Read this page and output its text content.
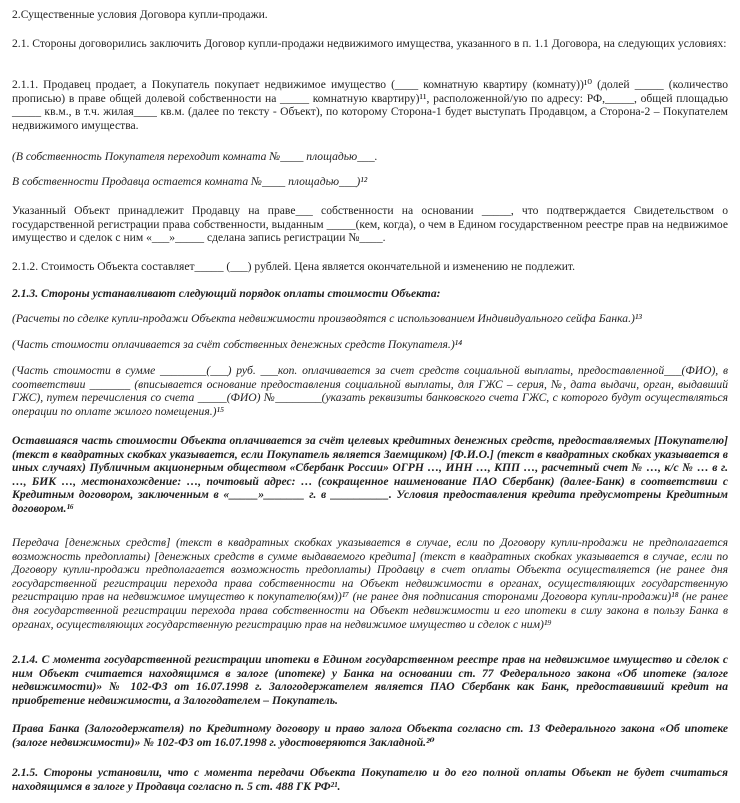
2.Существенные условия Договора купли-продажи.

2.1. Стороны договорились заключить Договор купли-продажи недвижимого имущества, указанного в п. 1.1 Договора, на следующих условиях:

2.1.1. Продавец продает, а Покупатель покупает недвижимое имущество (____ комнатную квартиру (комнату))¹⁰ (долей _____ (количество прописью) в праве общей долевой собственности на _____ комнатную квартиру)¹¹, расположенной/ую по адресу: РФ,_____, общей площадью _____ кв.м., в т.ч. жилая____ кв.м. (далее по тексту - Объект), по которому Сторона-1 будет выступать Продавцом, а Сторона-2 – Покупателем недвижимого имущества.

(В собственность Покупателя переходит комната №____ площадью___.

В собственности Продавца остается комната №____ площадью___)¹²

Указанный Объект принадлежит Продавцу на праве___ собственности на основании _____, что подтверждается Свидетельством о государственной регистрации права собственности, выданным _____(кем, когда), о чем в Едином государственном реестре прав на недвижимое имущество и сделок с ним «___»_____ сделана запись регистрации №____.

2.1.2. Стоимость Объекта составляет_____ (___) рублей. Цена является окончательной и изменению не подлежит.

2.1.3. Стороны устанавливают следующий порядок оплаты стоимости Объекта:

(Расчеты по сделке купли-продажи Объекта недвижимости производятся с использованием Индивидуального сейфа Банка.)¹³

(Часть стоимости оплачивается за счёт собственных денежных средств Покупателя.)¹⁴

(Часть стоимости в сумме ________(___) руб. ___коп. оплачивается за счет средств социальной выплаты, предоставленной___(ФИО), в соответствии _______ (вписывается основание предоставления социальной выплаты, для ГЖС – серия, №, дата выдачи, орган, выдавший ГЖС), путем перечисления со счета _____(ФИО) №________(указать реквизиты банковского счета ГЖС, с которого будут осуществляться операции по оплате жилого помещения.)¹⁵

Оставшаяся часть стоимости Объекта оплачивается за счёт целевых кредитных денежных средств, предоставляемых [Покупателю] (текст в квадратных скобках указывается, если Покупатель является Заемщиком) [Ф.И.О.] (текст в квадратных скобках указывается в иных случаях) Публичным акционерным обществом «Сбербанк России» ОГРН …, ИНН …, КПП …, расчетный счет № …, к/с № … в г. …, БИК …, местонахождение: …, почтовый адрес: … (сокращенное наименование ПАО Сбербанк) (далее-Банк) в соответствии с Кредитным договором, заключенным в «_____»_______ г. в __________. Условия предоставления кредита предусмотрены Кредитным договором.¹⁶

Передача [денежных средств] (текст в квадратных скобках указывается в случае, если по Договору купли-продажи не предполагается возможность предоплаты) [денежных средств в сумме выдаваемого кредита] (текст в квадратных скобках указывается в случае, если по Договору купли-продажи предполагается возможность предоплаты) Продавцу в счет оплаты Объекта осуществляется (не ранее дня государственной регистрации перехода права собственности на Объект недвижимости в органах, осуществляющих государственную регистрацию прав на недвижимое имущество к покупателю(ям))¹⁷ (не ранее дня подписания сторонами Договора купли-продажи)¹⁸ (не ранее дня государственной регистрации перехода права собственности на Объект недвижимости и его ипотеки в силу закона в пользу Банка в органах, осуществляющих государственную регистрацию прав на недвижимое имущество и сделок с ним)¹⁹

2.1.4. С момента государственной регистрации ипотеки в Едином государственном реестре прав на недвижимое имущество и сделок с ним Объект считается находящимся в залоге (ипотеке) у Банка на основании ст. 77 Федерального закона «Об ипотеке (залоге недвижимости)» № 102-ФЗ от 16.07.1998 г. Залогодержателем является ПАО Сбербанк как Банк, предоставивший кредит на приобретение недвижимости, а Залогодателем – Покупатель.

Права Банка (Залогодержателя) по Кредитному договору и право залога Объекта согласно ст. 13 Федерального закона «Об ипотеке (залоге недвижимости)» № 102-ФЗ от 16.07.1998 г. удостоверяются Закладной.²⁰

2.1.5. Стороны установили, что с момента передачи Объекта Покупателю и до его полной оплаты Объект не будет считаться находящимся в залоге у Продавца согласно п. 5 ст. 488 ГК РФ²¹.
